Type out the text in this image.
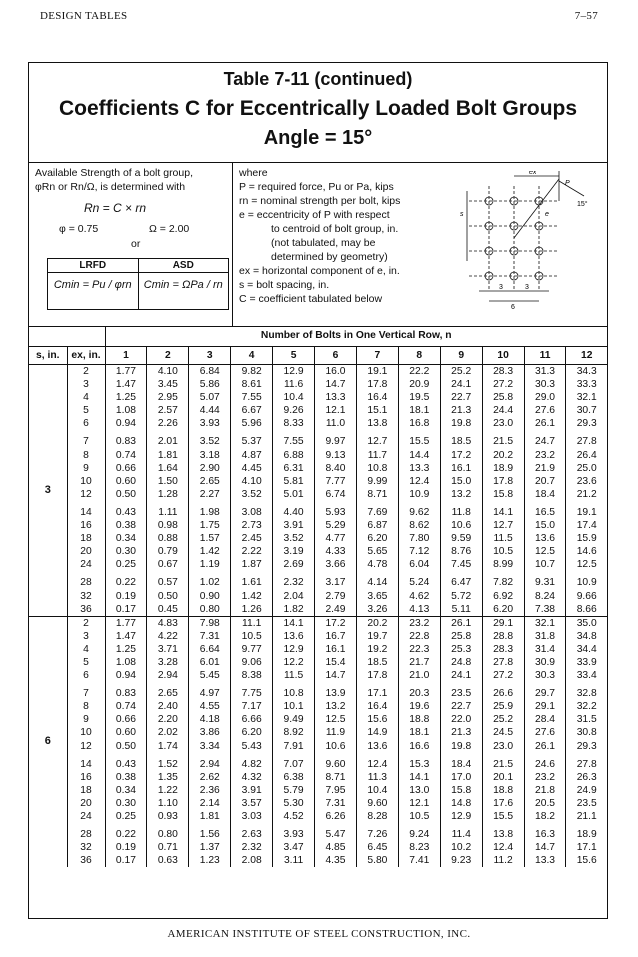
DESIGN TABLES	7–57
Table 7-11 (continued)
Coefficients C for Eccentrically Loaded Bolt Groups
Angle = 15°
Available Strength of a bolt group,
φRn or Rn/Ω, is determined with
Rn = C × rn
φ = 0.75	Ω = 2.00
or
LRFD	ASD
Cmin = Pu / φrn	Cmin = ΩPa / rn
where
P = required force, Pu or Pa, kips
rn = nominal strength per bolt, kips
e = eccentricity of P with respect
to centroid of bolt group, in.
(not tabulated, may be
determined by geometry)
ex = horizontal component of e, in.
s = bolt spacing, in.
C = coefficient tabulated below
ex
P
15°
s	e
3	3
6
		Number of Bolts in One Vertical Row, n											
s, in.	ex, in.	1	2	3	4	5	6	7	8	9	10	11	12
3	2	1.77	4.10	6.84	9.82	12.9	16.0	19.1	22.2	25.2	28.3	31.3	34.3
	3	1.47	3.45	5.86	8.61	11.6	14.7	17.8	20.9	24.1	27.2	30.3	33.3
	4	1.25	2.95	5.07	7.55	10.4	13.3	16.4	19.5	22.7	25.8	29.0	32.1
	5	1.08	2.57	4.44	6.67	9.26	12.1	15.1	18.1	21.3	24.4	27.6	30.7
	6	0.94	2.26	3.93	5.96	8.33	11.0	13.8	16.8	19.8	23.0	26.1	29.3

	7	0.83	2.01	3.52	5.37	7.55	9.97	12.7	15.5	18.5	21.5	24.7	27.8
	8	0.74	1.81	3.18	4.87	6.88	9.13	11.7	14.4	17.2	20.2	23.2	26.4
	9	0.66	1.64	2.90	4.45	6.31	8.40	10.8	13.3	16.1	18.9	21.9	25.0
	10	0.60	1.50	2.65	4.10	5.81	7.77	9.99	12.4	15.0	17.8	20.7	23.6
	12	0.50	1.28	2.27	3.52	5.01	6.74	8.71	10.9	13.2	15.8	18.4	21.2

	14	0.43	1.11	1.98	3.08	4.40	5.93	7.69	9.62	11.8	14.1	16.5	19.1
	16	0.38	0.98	1.75	2.73	3.91	5.29	6.87	8.62	10.6	12.7	15.0	17.4
	18	0.34	0.88	1.57	2.45	3.52	4.77	6.20	7.80	9.59	11.5	13.6	15.9
	20	0.30	0.79	1.42	2.22	3.19	4.33	5.65	7.12	8.76	10.5	12.5	14.6
	24	0.25	0.67	1.19	1.87	2.69	3.66	4.78	6.04	7.45	8.99	10.7	12.5

	28	0.22	0.57	1.02	1.61	2.32	3.17	4.14	5.24	6.47	7.82	9.31	10.9
	32	0.19	0.50	0.90	1.42	2.04	2.79	3.65	4.62	5.72	6.92	8.24	9.66
	36	0.17	0.45	0.80	1.26	1.82	2.49	3.26	4.13	5.11	6.20	7.38	8.66
6	2	1.77	4.83	7.98	11.1	14.1	17.2	20.2	23.2	26.1	29.1	32.1	35.0
	3	1.47	4.22	7.31	10.5	13.6	16.7	19.7	22.8	25.8	28.8	31.8	34.8
	4	1.25	3.71	6.64	9.77	12.9	16.1	19.2	22.3	25.3	28.3	31.4	34.4
	5	1.08	3.28	6.01	9.06	12.2	15.4	18.5	21.7	24.8	27.8	30.9	33.9
	6	0.94	2.94	5.45	8.38	11.5	14.7	17.8	21.0	24.1	27.2	30.3	33.4

	7	0.83	2.65	4.97	7.75	10.8	13.9	17.1	20.3	23.5	26.6	29.7	32.8
	8	0.74	2.40	4.55	7.17	10.1	13.2	16.4	19.6	22.7	25.9	29.1	32.2
	9	0.66	2.20	4.18	6.66	9.49	12.5	15.6	18.8	22.0	25.2	28.4	31.5
	10	0.60	2.02	3.86	6.20	8.92	11.9	14.9	18.1	21.3	24.5	27.6	30.8
	12	0.50	1.74	3.34	5.43	7.91	10.6	13.6	16.6	19.8	23.0	26.1	29.3

	14	0.43	1.52	2.94	4.82	7.07	9.60	12.4	15.3	18.4	21.5	24.6	27.8
	16	0.38	1.35	2.62	4.32	6.38	8.71	11.3	14.1	17.0	20.1	23.2	26.3
	18	0.34	1.22	2.36	3.91	5.79	7.95	10.4	13.0	15.8	18.8	21.8	24.9
	20	0.30	1.10	2.14	3.57	5.30	7.31	9.60	12.1	14.8	17.6	20.5	23.5
	24	0.25	0.93	1.81	3.03	4.52	6.26	8.28	10.5	12.9	15.5	18.2	21.1

	28	0.22	0.80	1.56	2.63	3.93	5.47	7.26	9.24	11.4	13.8	16.3	18.9
	32	0.19	0.71	1.37	2.32	3.47	4.85	6.45	8.23	10.2	12.4	14.7	17.1
	36	0.17	0.63	1.23	2.08	3.11	4.35	5.80	7.41	9.23	11.2	13.3	15.6
AMERICAN INSTITUTE OF STEEL CONSTRUCTION, INC.
